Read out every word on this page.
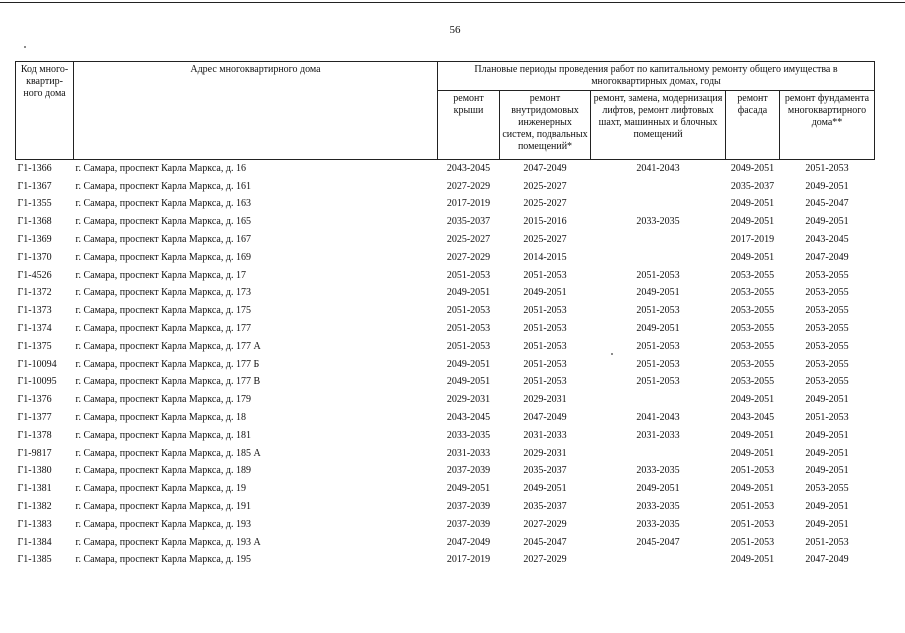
56
Код много-квартир-ного дома	Адрес многоквартирного дома	Плановые периоды проведения работ по капитальному ремонту общего имущества в многоквартирных домах, годы				
		ремонт крыши	ремонт внутридомовых инженерных систем, подвальных помещений*	ремонт, замена, модернизация лифтов, ремонт лифтовых шахт, машинных и блочных помещений	ремонт фасада	ремонт фундамента многоквартирного дома**
Г1-1366	г. Самара, проспект Карла Маркса, д. 16	2043-2045	2047-2049	2041-2043	2049-2051	2051-2053
Г1-1367	г. Самара, проспект Карла Маркса, д. 161	2027-2029	2025-2027		2035-2037	2049-2051
Г1-1355	г. Самара, проспект Карла Маркса, д. 163	2017-2019	2025-2027		2049-2051	2045-2047
Г1-1368	г. Самара, проспект Карла Маркса, д. 165	2035-2037	2015-2016	2033-2035	2049-2051	2049-2051
Г1-1369	г. Самара, проспект Карла Маркса, д. 167	2025-2027	2025-2027		2017-2019	2043-2045
Г1-1370	г. Самара, проспект Карла Маркса, д. 169	2027-2029	2014-2015		2049-2051	2047-2049
Г1-4526	г. Самара, проспект Карла Маркса, д. 17	2051-2053	2051-2053	2051-2053	2053-2055	2053-2055
Г1-1372	г. Самара, проспект Карла Маркса, д. 173	2049-2051	2049-2051	2049-2051	2053-2055	2053-2055
Г1-1373	г. Самара, проспект Карла Маркса, д. 175	2051-2053	2051-2053	2051-2053	2053-2055	2053-2055
Г1-1374	г. Самара, проспект Карла Маркса, д. 177	2051-2053	2051-2053	2049-2051	2053-2055	2053-2055
Г1-1375	г. Самара, проспект Карла Маркса, д. 177 А	2051-2053	2051-2053	2051-2053	2053-2055	2053-2055
Г1-10094	г. Самара, проспект Карла Маркса, д. 177 Б	2049-2051	2051-2053	2051-2053	2053-2055	2053-2055
Г1-10095	г. Самара, проспект Карла Маркса, д. 177 В	2049-2051	2051-2053	2051-2053	2053-2055	2053-2055
Г1-1376	г. Самара, проспект Карла Маркса, д. 179	2029-2031	2029-2031		2049-2051	2049-2051
Г1-1377	г. Самара, проспект Карла Маркса, д. 18	2043-2045	2047-2049	2041-2043	2043-2045	2051-2053
Г1-1378	г. Самара, проспект Карла Маркса, д. 181	2033-2035	2031-2033	2031-2033	2049-2051	2049-2051
Г1-9817	г. Самара, проспект Карла Маркса, д. 185 А	2031-2033	2029-2031		2049-2051	2049-2051
Г1-1380	г. Самара, проспект Карла Маркса, д. 189	2037-2039	2035-2037	2033-2035	2051-2053	2049-2051
Г1-1381	г. Самара, проспект Карла Маркса, д. 19	2049-2051	2049-2051	2049-2051	2049-2051	2053-2055
Г1-1382	г. Самара, проспект Карла Маркса, д. 191	2037-2039	2035-2037	2033-2035	2051-2053	2049-2051
Г1-1383	г. Самара, проспект Карла Маркса, д. 193	2037-2039	2027-2029	2033-2035	2051-2053	2049-2051
Г1-1384	г. Самара, проспект Карла Маркса, д. 193 А	2047-2049	2045-2047	2045-2047	2051-2053	2051-2053
Г1-1385	г. Самара, проспект Карла Маркса, д. 195	2017-2019	2027-2029		2049-2051	2047-2049
